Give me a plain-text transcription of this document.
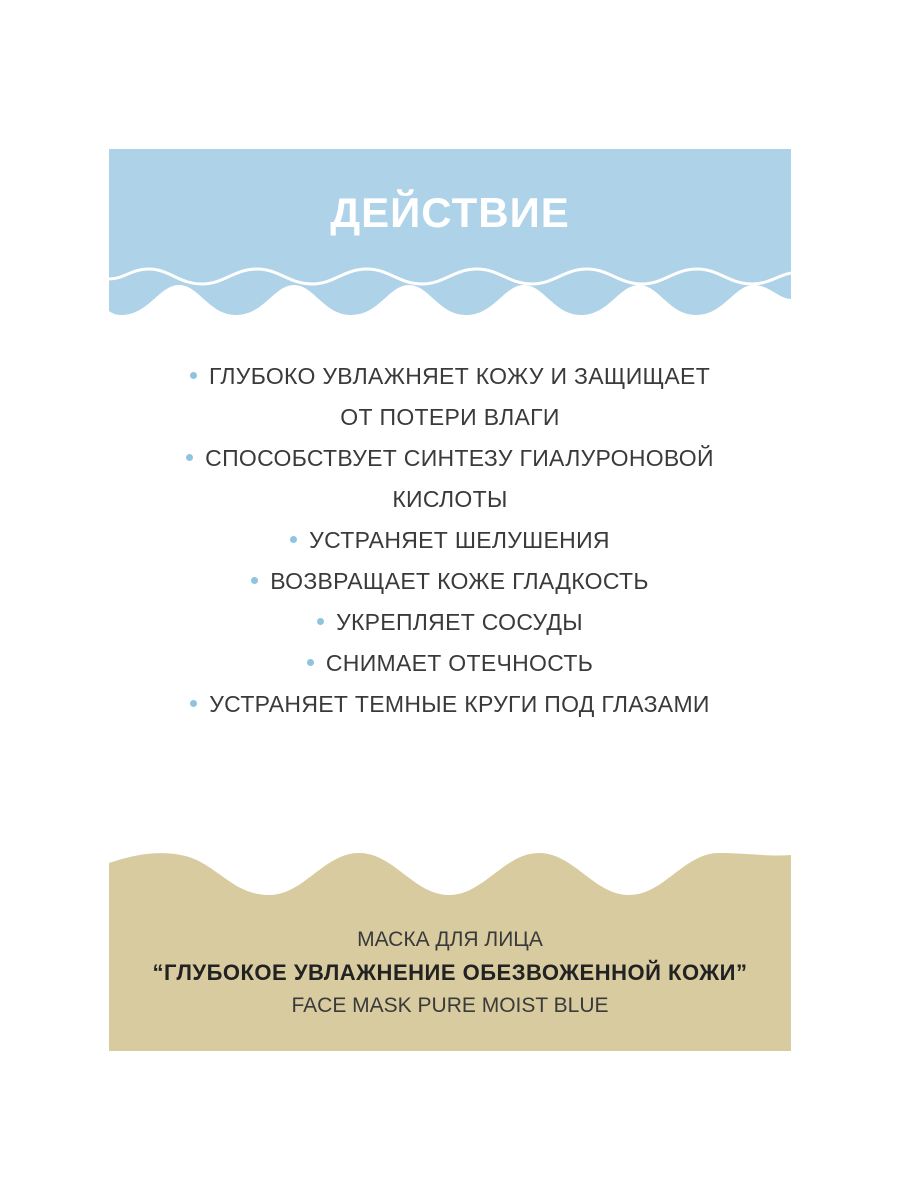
ДЕЙСТВИЕ
ГЛУБОКО УВЛАЖНЯЕТ КОЖУ И ЗАЩИЩАЕТ
ОТ ПОТЕРИ ВЛАГИ
СПОСОБСТВУЕТ СИНТЕЗУ ГИАЛУРОНОВОЙ
КИСЛОТЫ
УСТРАНЯЕТ ШЕЛУШЕНИЯ
ВОЗВРАЩАЕТ КОЖЕ ГЛАДКОСТЬ
УКРЕПЛЯЕТ СОСУДЫ
СНИМАЕТ ОТЕЧНОСТЬ
УСТРАНЯЕТ ТЕМНЫЕ КРУГИ ПОД ГЛАЗАМИ
МАСКА ДЛЯ ЛИЦА
“ГЛУБОКОЕ УВЛАЖНЕНИЕ ОБЕЗВОЖЕННОЙ КОЖИ”
FACE MASK PURE MOIST BLUE
